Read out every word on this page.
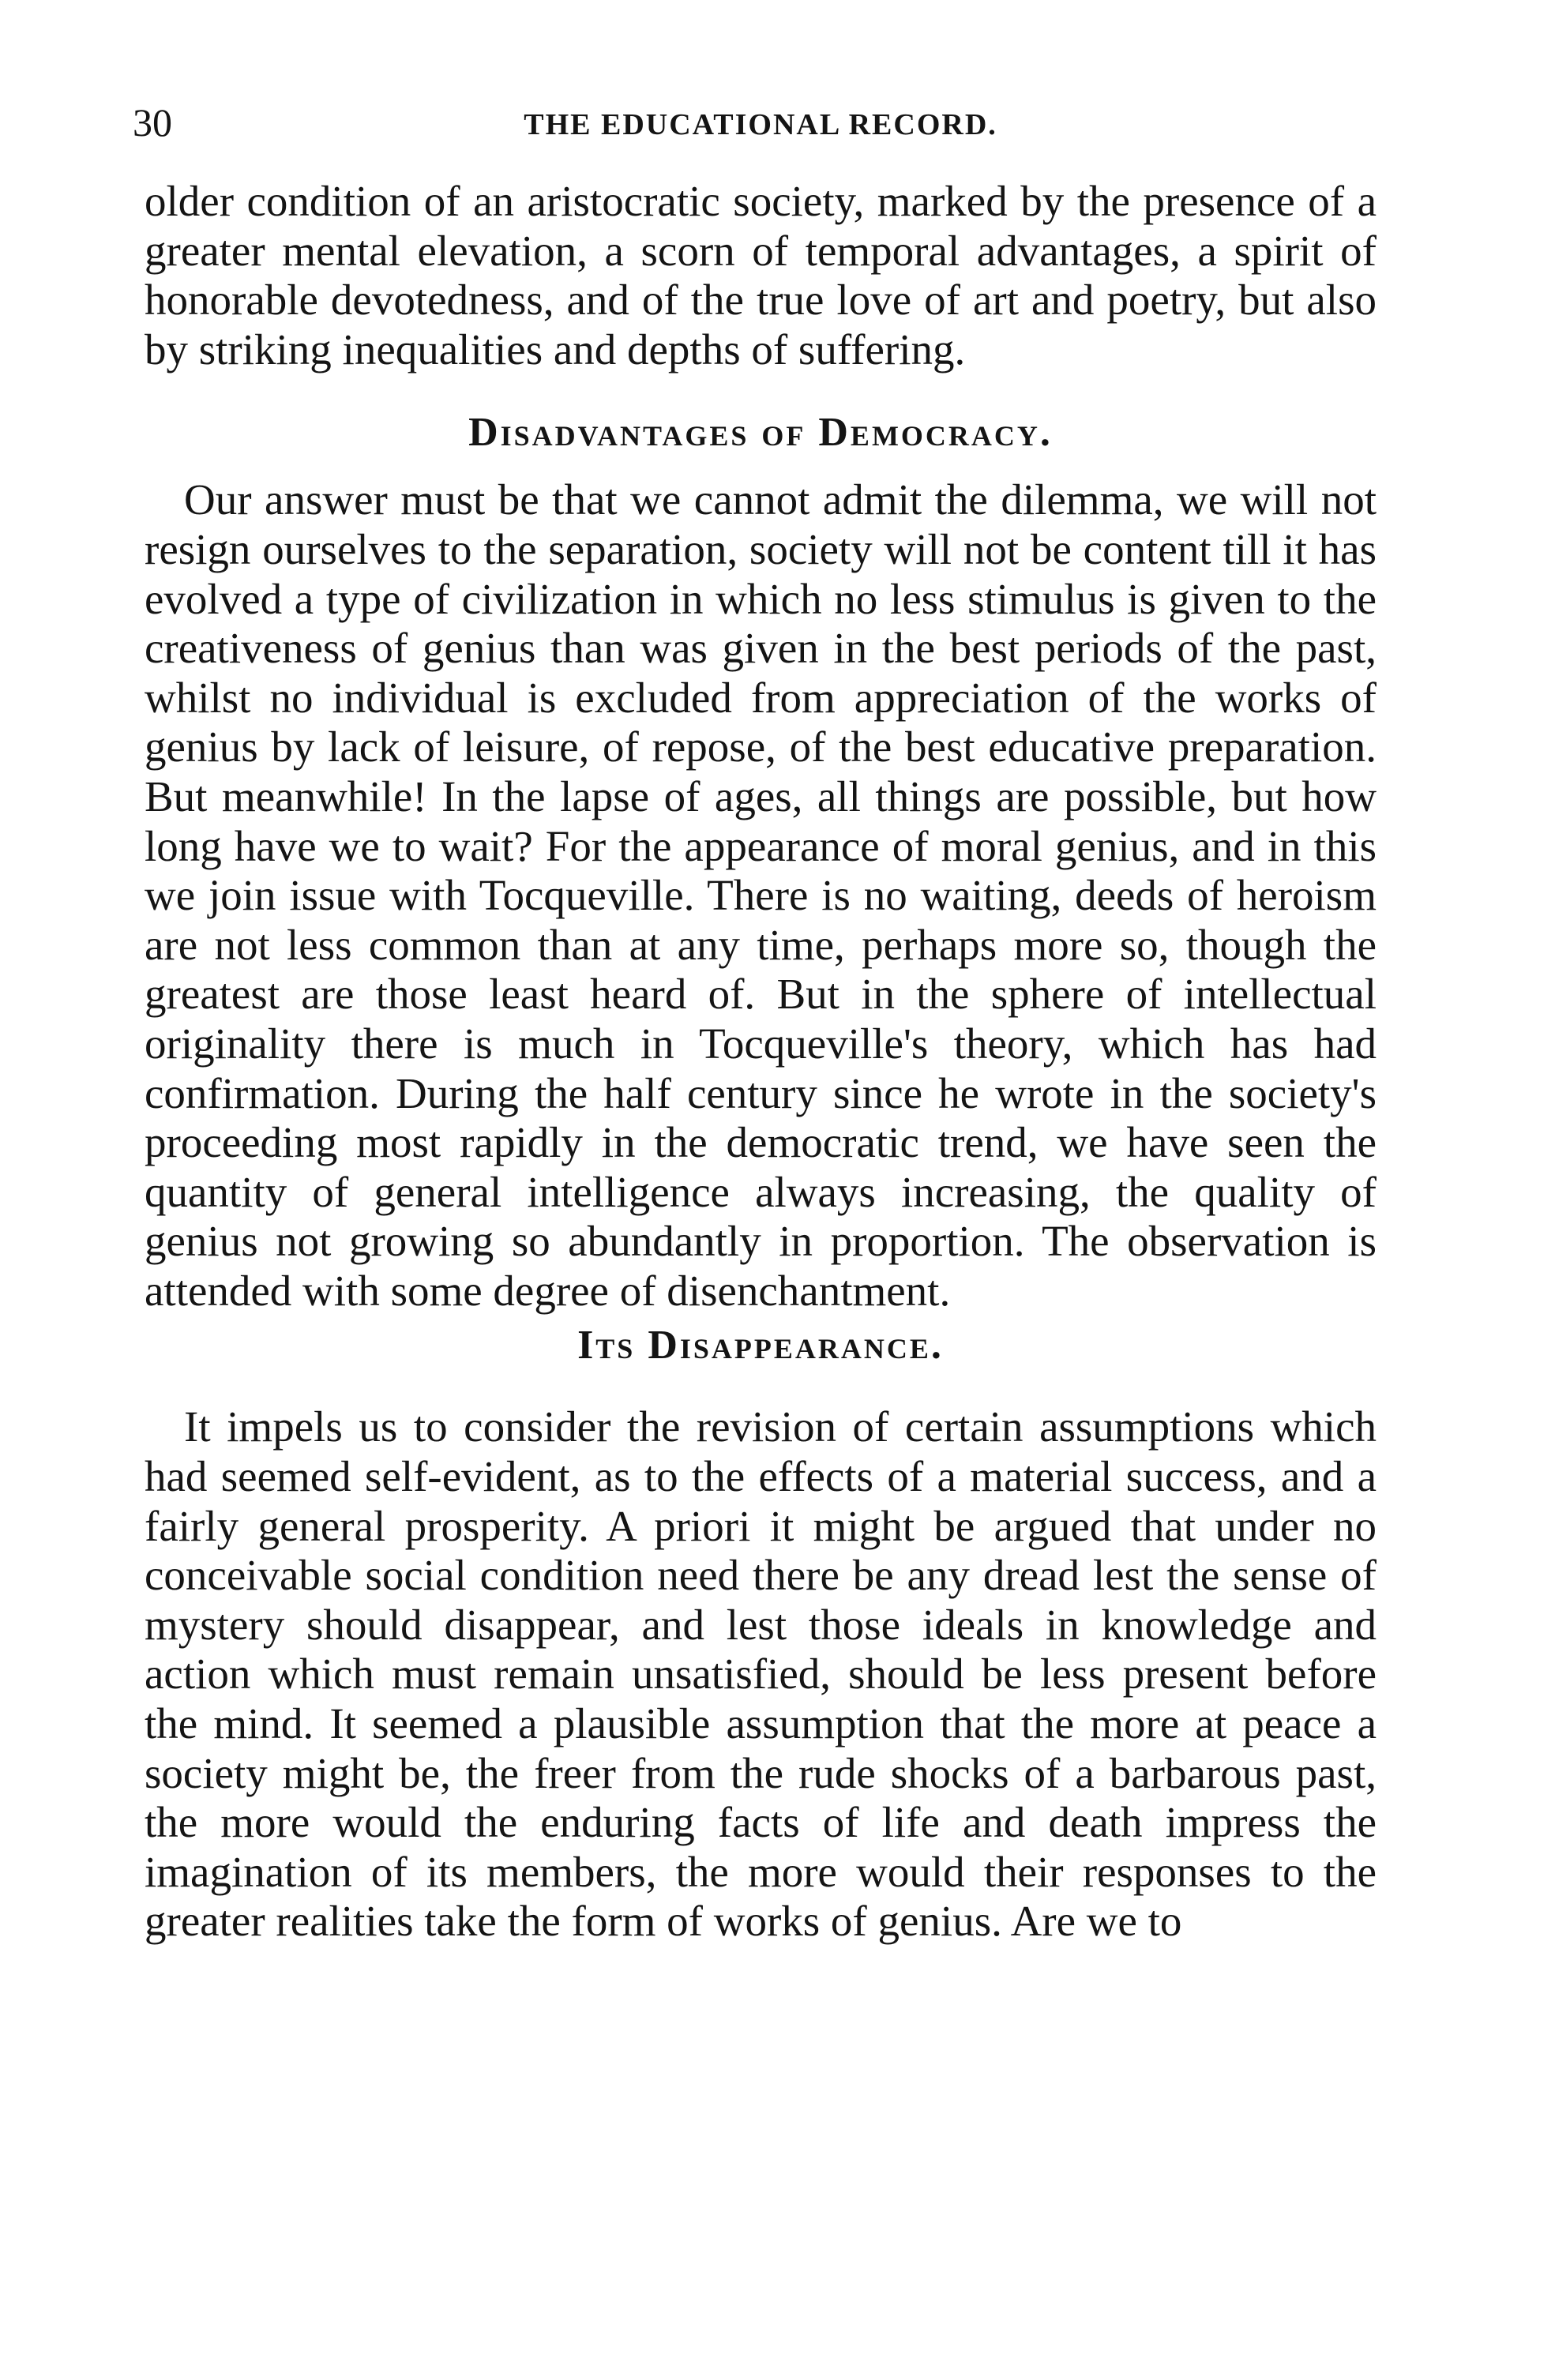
30	THE EDUCATIONAL RECORD.

older condition of an aristocratic society, marked by the presence of a greater mental elevation, a scorn of temporal advantages, a spirit of honorable devotedness, and of the true love of art and poetry, but also by striking inequalities and depths of suffering.

Disadvantages of Democracy.

Our answer must be that we cannot admit the dilemma, we will not resign ourselves to the separation, society will not be content till it has evolved a type of civilization in which no less stimulus is given to the creativeness of genius than was given in the best periods of the past, whilst no individual is excluded from appreciation of the works of genius by lack of leisure, of repose, of the best educative preparation. But meanwhile! In the lapse of ages, all things are possible, but how long have we to wait? For the appearance of moral genius, and in this we join issue with Tocqueville. There is no waiting, deeds of heroism are not less common than at any time, perhaps more so, though the greatest are those least heard of. But in the sphere of intellectual originality there is much in Tocqueville's theory, which has had confirmation. During the half century since he wrote in the society's proceeding most rapidly in the democratic trend, we have seen the quantity of general intelligence always increasing, the quality of genius not growing so abundantly in proportion. The observation is attended with some degree of disenchantment.

Its Disappearance.

It impels us to consider the revision of certain assumptions which had seemed self-evident, as to the effects of a material success, and a fairly general prosperity. A priori it might be argued that under no conceivable social condition need there be any dread lest the sense of mystery should disappear, and lest those ideals in knowledge and action which must remain unsatisfied, should be less present before the mind. It seemed a plausible assumption that the more at peace a society might be, the freer from the rude shocks of a barbarous past, the more would the enduring facts of life and death impress the imagination of its members, the more would their responses to the greater realities take the form of works of genius. Are we to
